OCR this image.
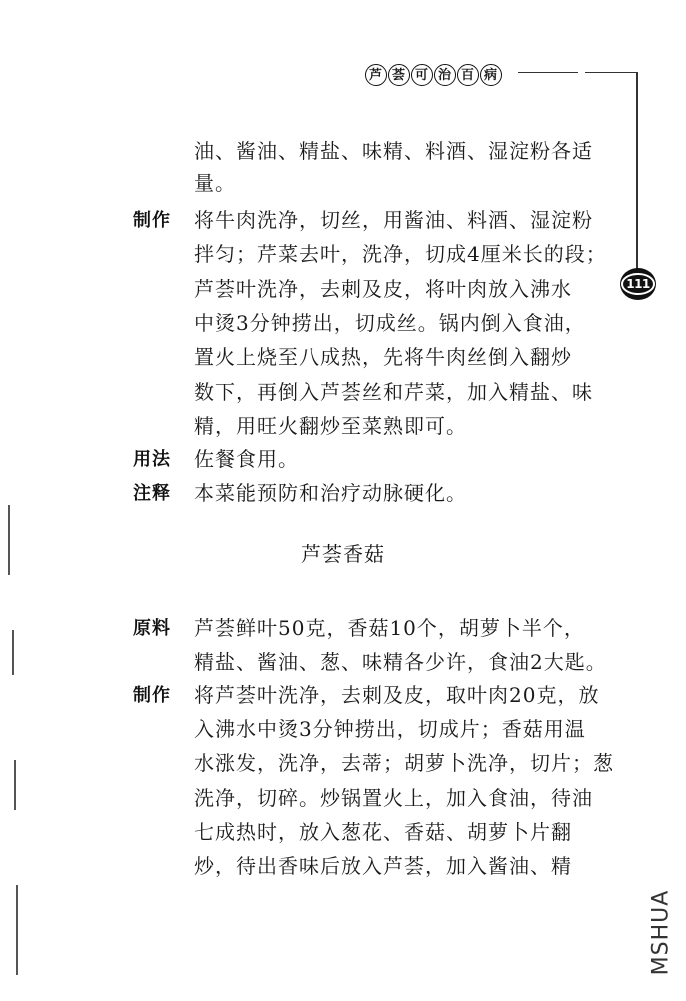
芦 荟 可 治 百 病
111
油、酱油、精盐、味精、料酒、湿淀粉各适
量。
制作 将牛肉洗净，切丝，用酱油、料酒、湿淀粉
拌匀；芹菜去叶，洗净，切成4厘米长的段；
芦荟叶洗净，去刺及皮，将叶肉放入沸水
中烫3分钟捞出，切成丝。锅内倒入食油，
置火上烧至八成热，先将牛肉丝倒入翻炒
数下，再倒入芦荟丝和芹菜，加入精盐、味
精，用旺火翻炒至菜熟即可。
用法 佐餐食用。
注释 本菜能预防和治疗动脉硬化。
芦荟香菇
原料 芦荟鲜叶50克，香菇10个，胡萝卜半个，
精盐、酱油、葱、味精各少许，食油2大匙。
制作 将芦荟叶洗净，去刺及皮，取叶肉20克，放
入沸水中烫3分钟捞出，切成片；香菇用温
水涨发，洗净，去蒂；胡萝卜洗净，切片；葱
洗净，切碎。炒锅置火上，加入食油，待油
七成热时，放入葱花、香菇、胡萝卜片翻
炒，待出香味后放入芦荟，加入酱油、精
MSHUA
